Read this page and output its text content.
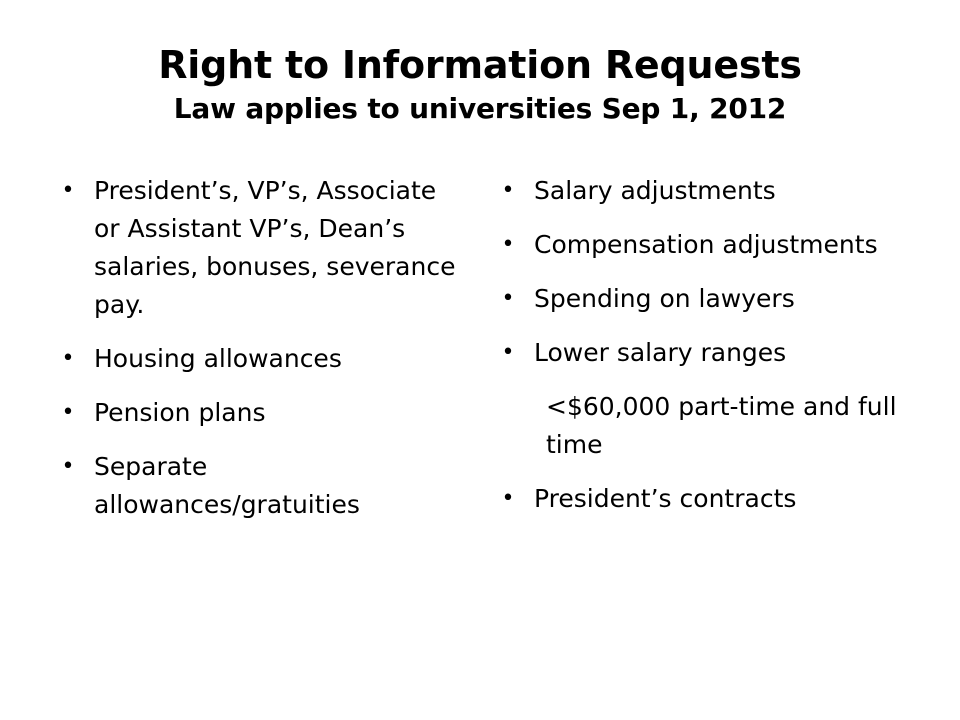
Right to Information Requests
Law applies to universities Sep 1, 2012
• President’s, VP’s, Associate or Assistant VP’s, Dean’s salaries, bonuses, severance pay.
• Housing allowances
• Pension plans
• Separate allowances/gratuities
• Salary adjustments
• Compensation adjustments
• Spending on lawyers
• Lower salary ranges
<$60,000 part-time and full time
• President’s contracts
